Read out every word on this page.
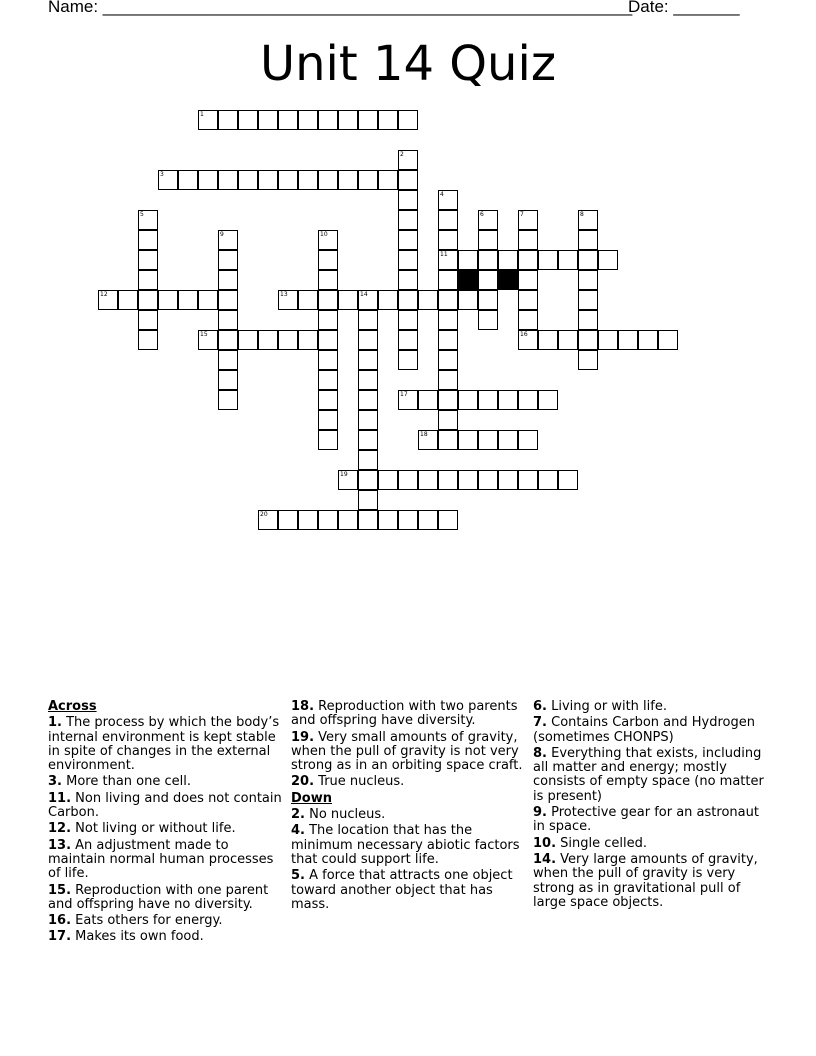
Name: ________________________________________________________
Date: _______
Unit 14 Quiz
1
2
3
4
11
5	6	7
16
8
9	10
12	13	14
15
17
18
19
20
Across
1. The process by which the body’s internal environment is kept stable in spite of changes in the external environment.
3. More than one cell.
11. Non living and does not contain Carbon.
12. Not living or without life.
13. An adjustment made to maintain normal human processes of life.
15. Reproduction with one parent and offspring have no diversity.
16. Eats others for energy.
17. Makes its own food.
18. Reproduction with two parents and offspring have diversity.
19. Very small amounts of gravity, when the pull of gravity is not very strong as in an orbiting space craft.
20. True nucleus.
Down
2. No nucleus.
4. The location that has the minimum necessary abiotic factors that could support life.
5. A force that attracts one object toward another object that has mass.
6. Living or with life.
7. Contains Carbon and Hydrogen (sometimes CHONPS)
8. Everything that exists, including all matter and energy; mostly consists of empty space (no matter is present)
9. Protective gear for an astronaut in space.
10. Single celled.
14. Very large amounts of gravity, when the pull of gravity is very strong as in gravitational pull of large space objects.
